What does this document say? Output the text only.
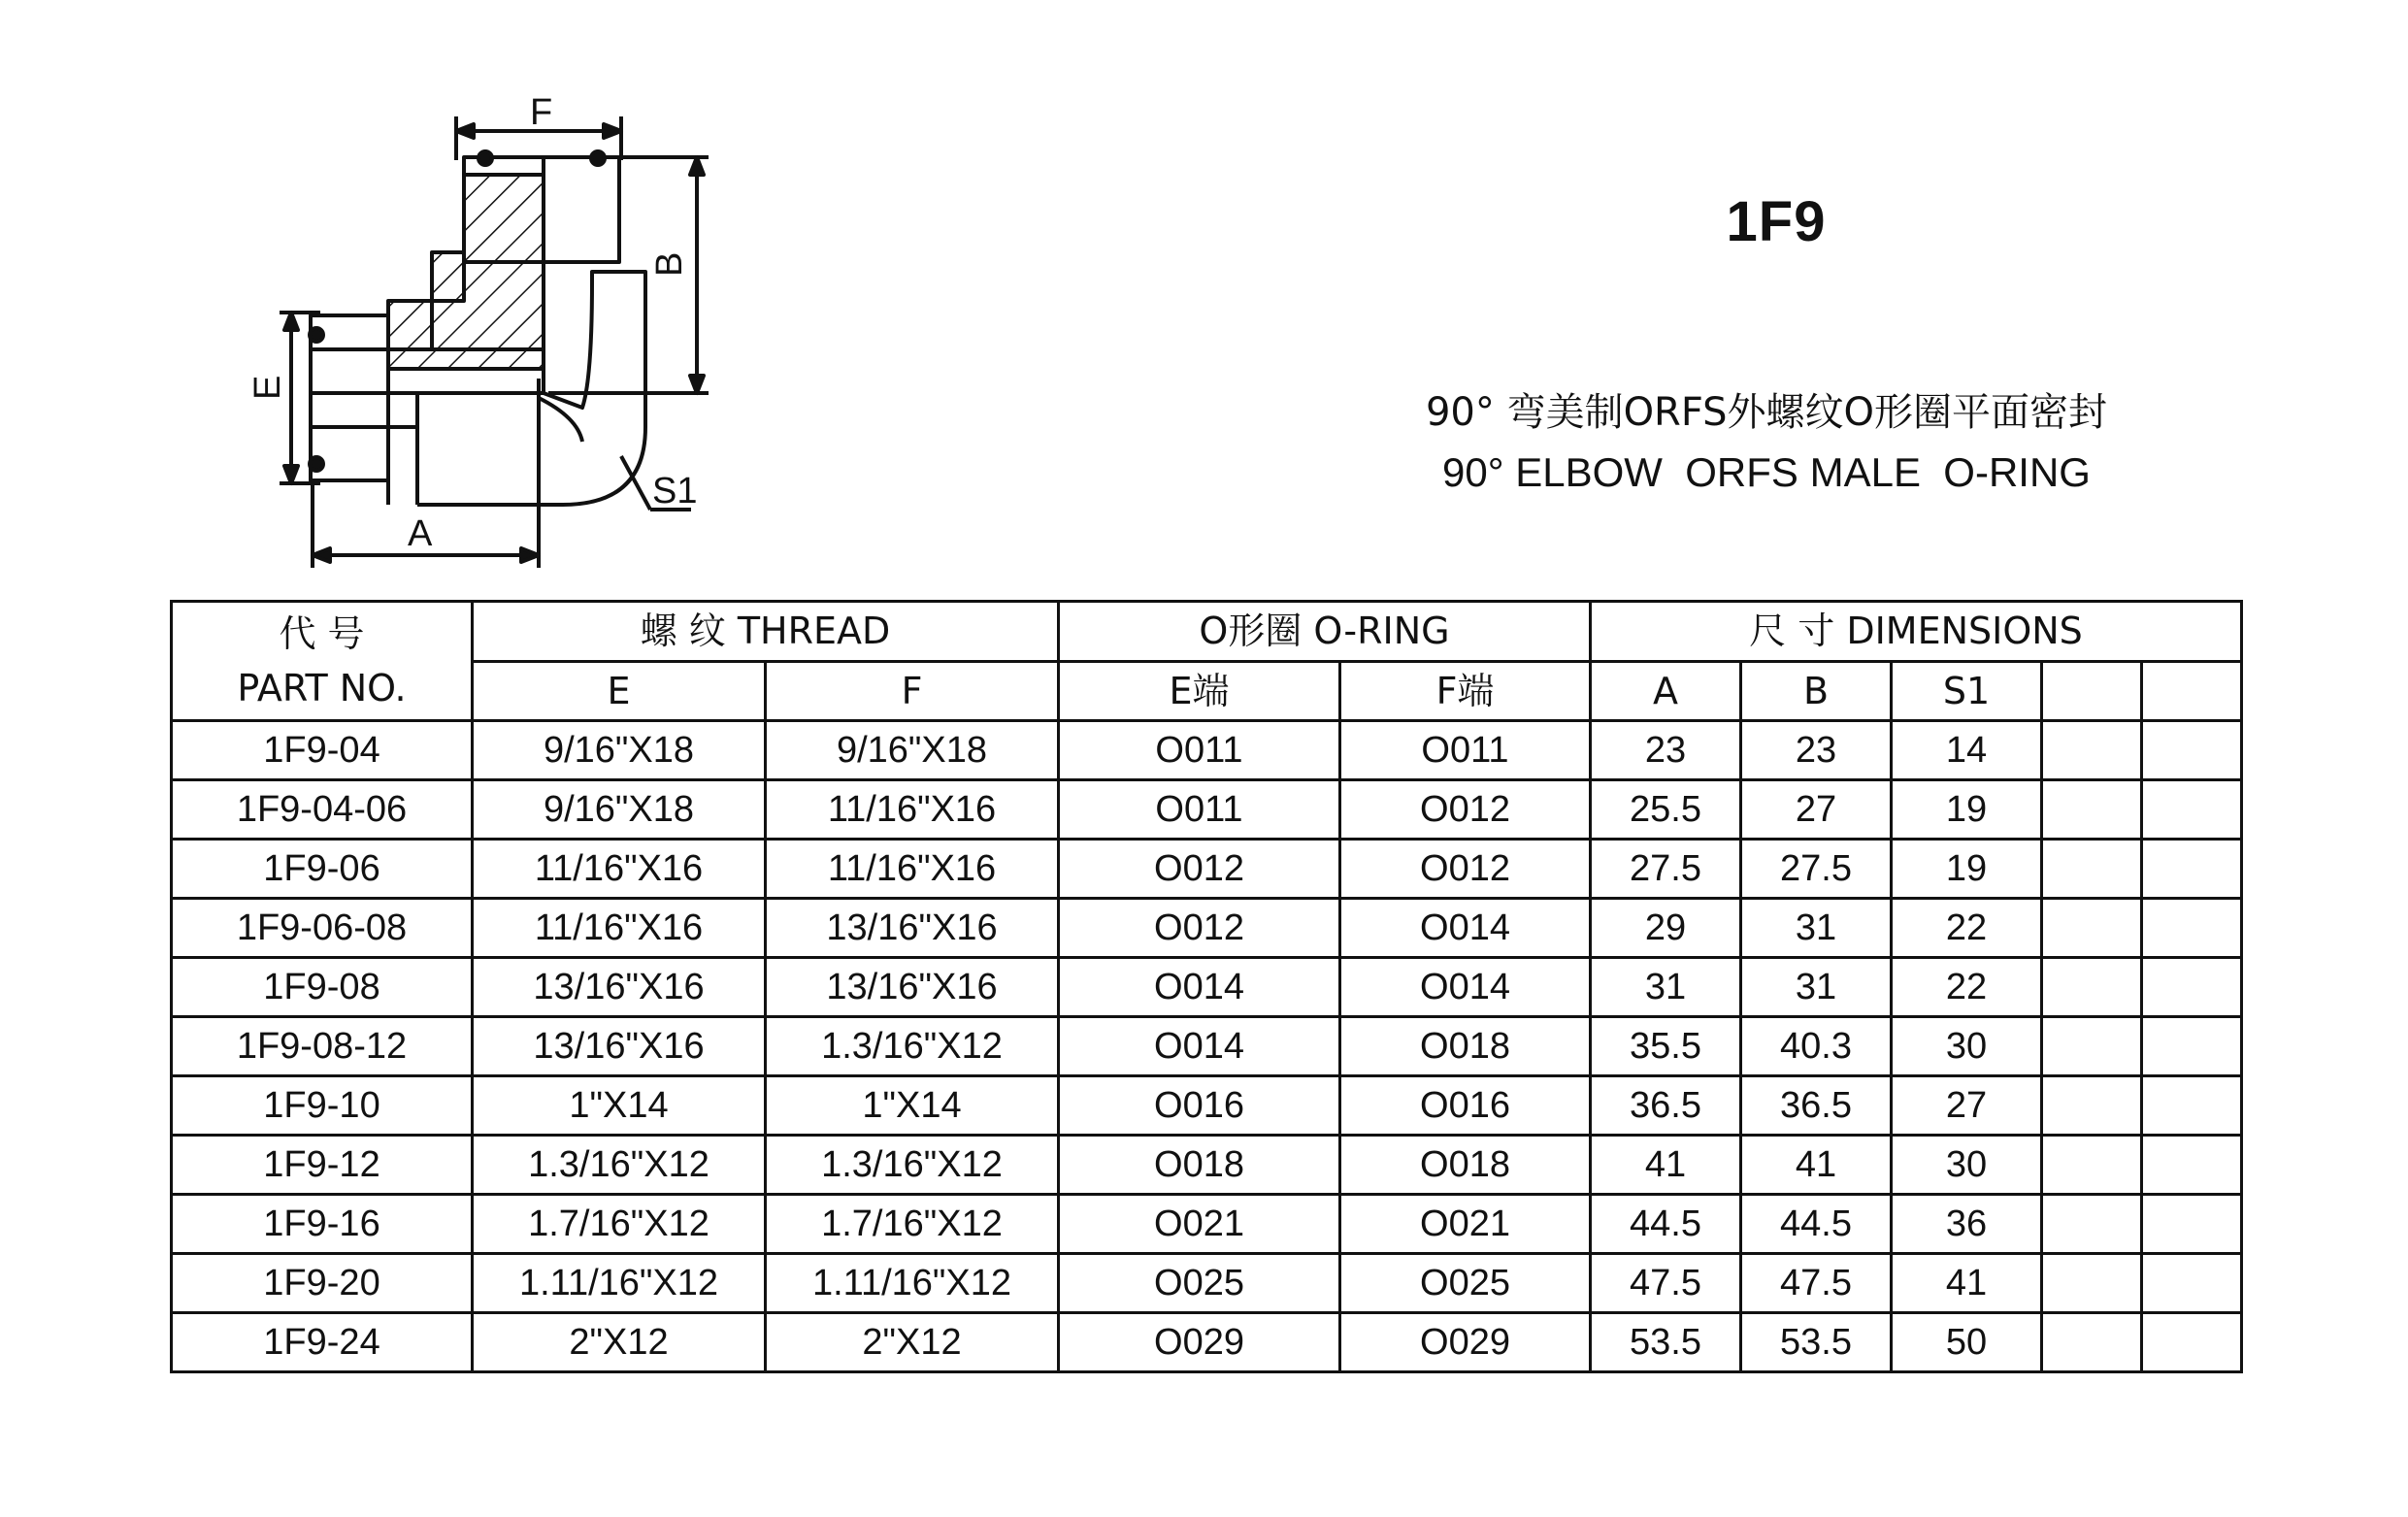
F
B
E
A
S1
1F9
90° 弯美制ORFS外螺纹O形圈平面密封
90° ELBOW  ORFS MALE  O-RING
代 号
PART NO.	螺 纹 THREAD		O形圈 O-RING		尺 寸 DIMENSIONS				
	E	F	E端	F端	A	B	S1		
1F9-04	9/16"X18	9/16"X18	O011	O011	23	23	14		
1F9-04-06	9/16"X18	11/16"X16	O011	O012	25.5	27	19		
1F9-06	11/16"X16	11/16"X16	O012	O012	27.5	27.5	19		
1F9-06-08	11/16"X16	13/16"X16	O012	O014	29	31	22		
1F9-08	13/16"X16	13/16"X16	O014	O014	31	31	22		
1F9-08-12	13/16"X16	1.3/16"X12	O014	O018	35.5	40.3	30		
1F9-10	1"X14	1"X14	O016	O016	36.5	36.5	27		
1F9-12	1.3/16"X12	1.3/16"X12	O018	O018	41	41	30		
1F9-16	1.7/16"X12	1.7/16"X12	O021	O021	44.5	44.5	36		
1F9-20	1.11/16"X12	1.11/16"X12	O025	O025	47.5	47.5	41		
1F9-24	2"X12	2"X12	O029	O029	53.5	53.5	50		
